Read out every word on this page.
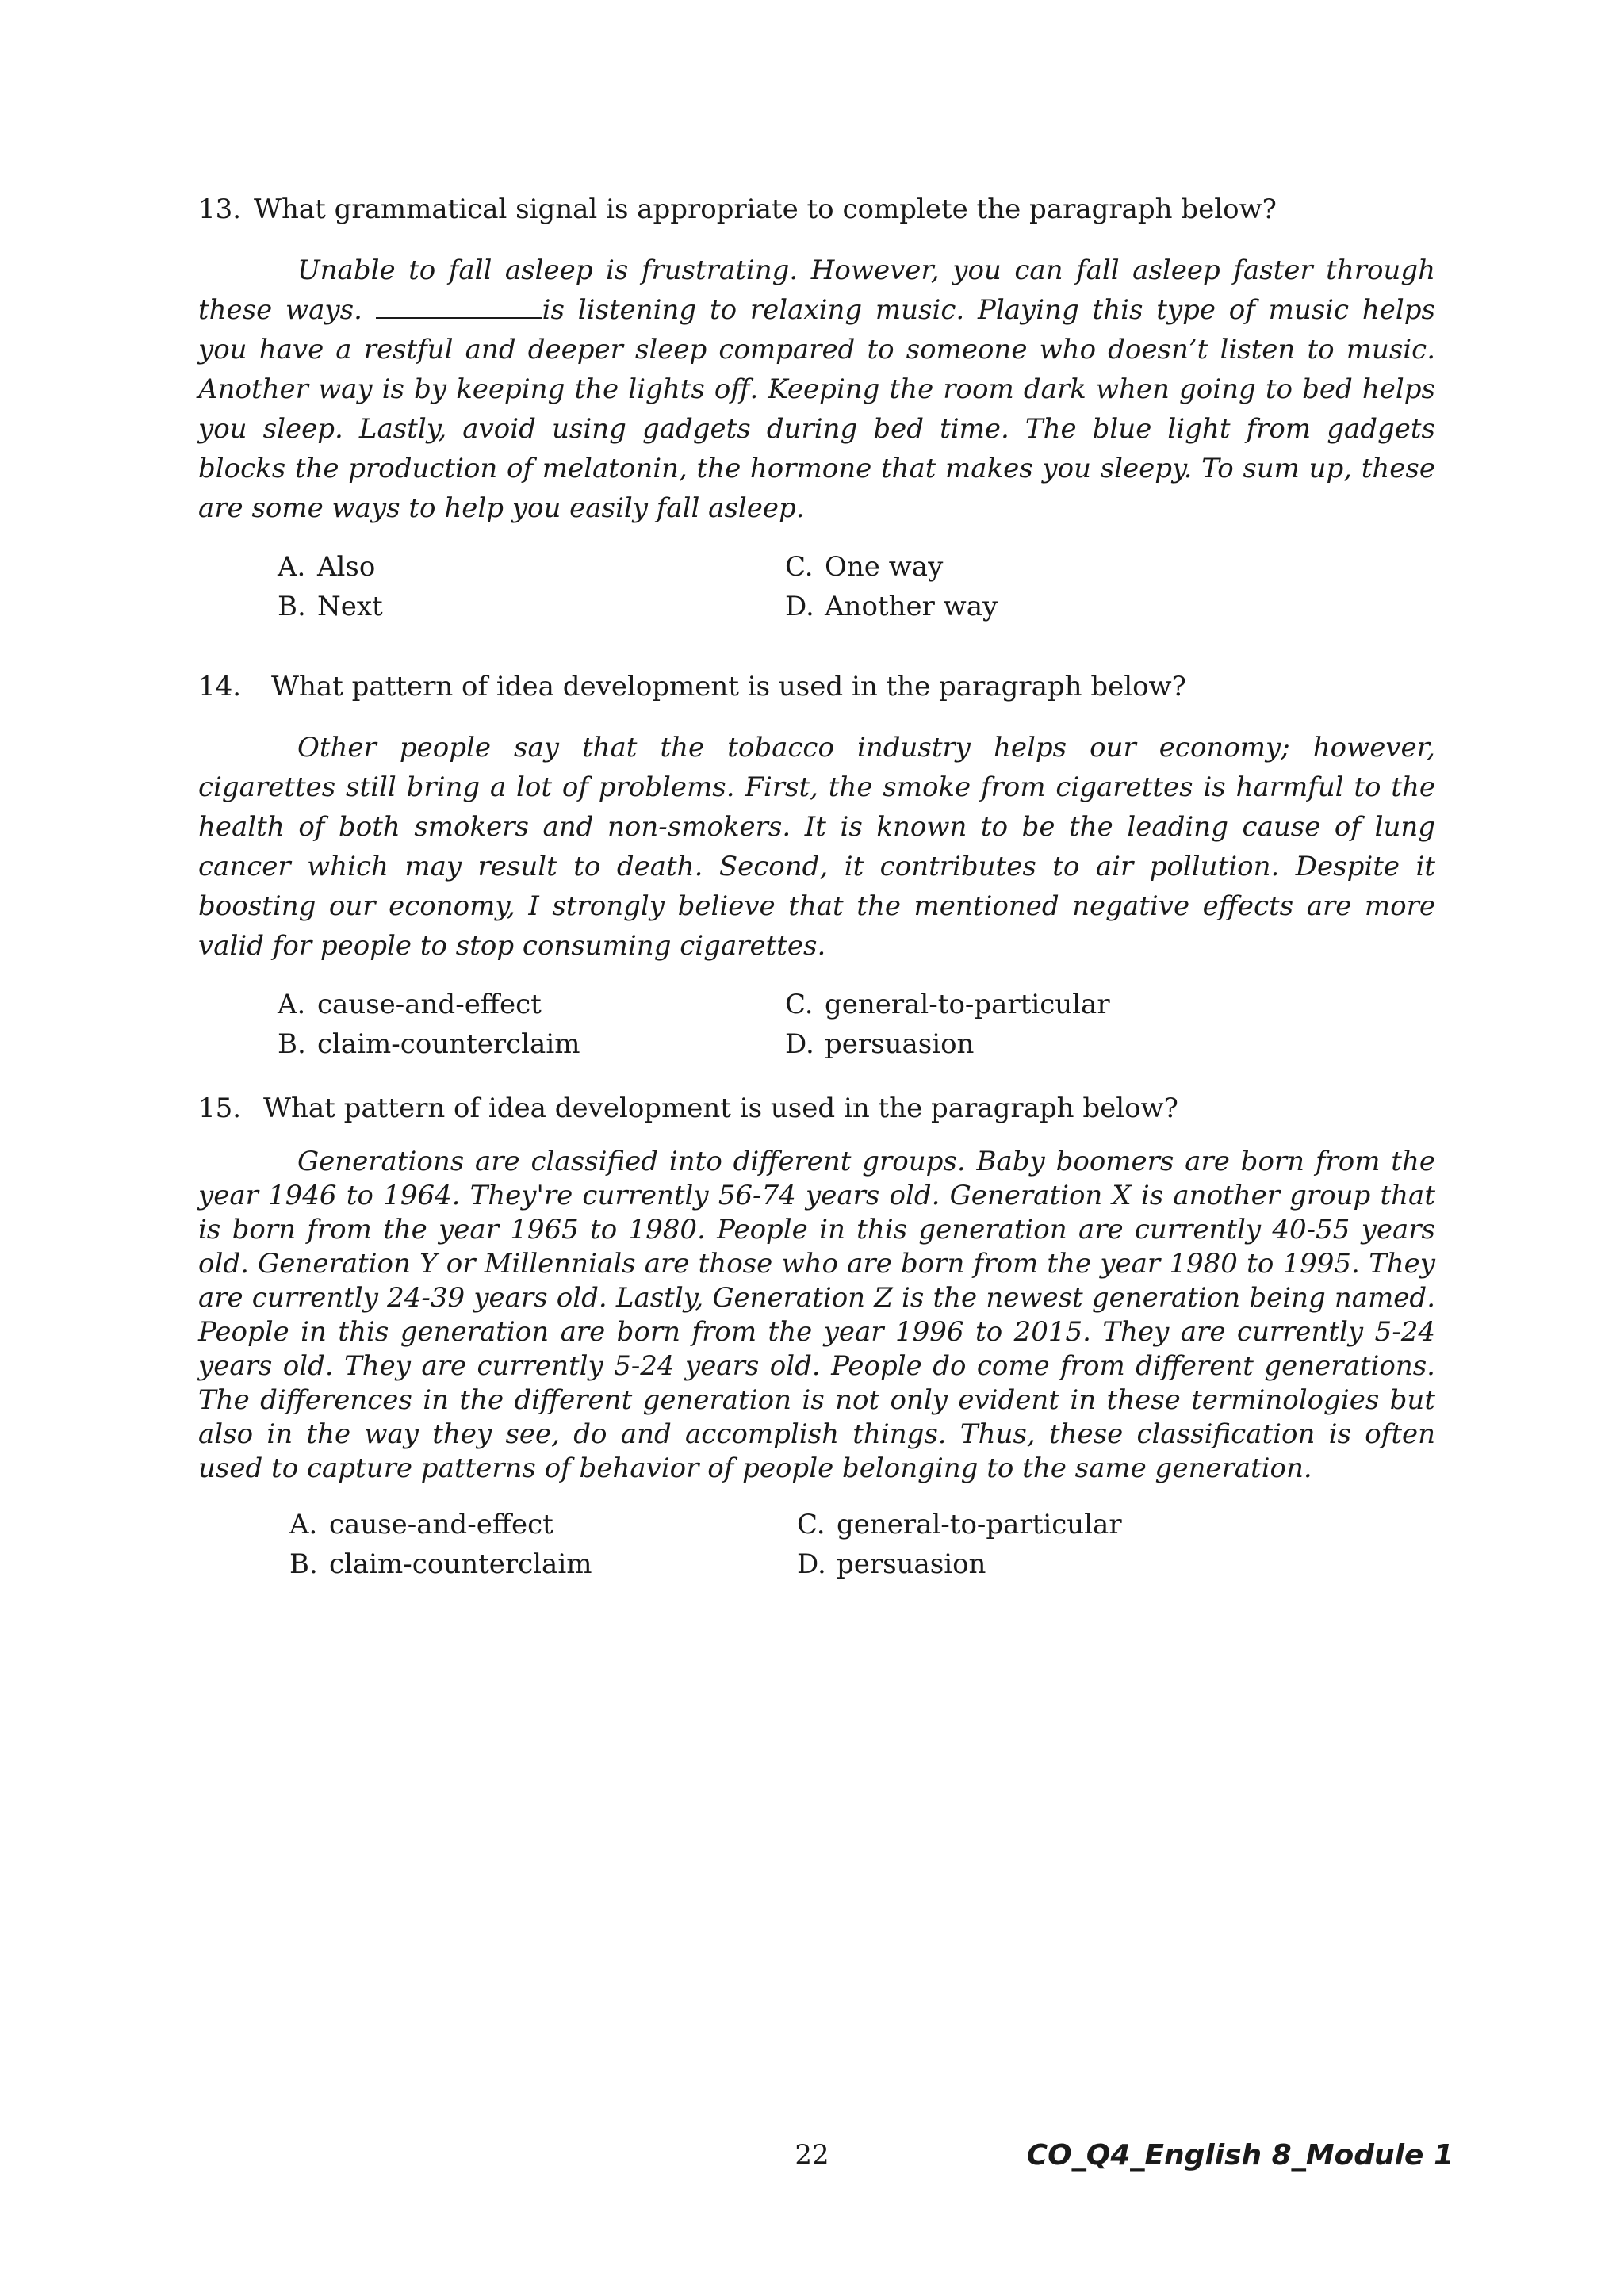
13. What grammatical signal is appropriate to complete the paragraph below?
Unable to fall asleep is frustrating. However, you can fall asleep faster through these ways.	is listening to relaxing music. Playing this type of music helps you have a restful and deeper sleep compared to someone who doesn’t listen to music. Another way is by keeping the lights off. Keeping the room dark when going to bed helps you sleep. Lastly, avoid using gadgets during bed time. The blue light from gadgets blocks the production of melatonin, the hormone that makes you sleepy. To sum up, these are some ways to help you easily fall asleep.
A. Also	C. One way
B. Next	D. Another way
14.	What pattern of idea development is used in the paragraph below?
Other people say that the tobacco industry helps our economy; however, cigarettes still bring a lot of problems. First, the smoke from cigarettes is harmful to the health of both smokers and non-smokers. It is known to be the leading cause of lung cancer which may result to death. Second, it contributes to air pollution. Despite it boosting our economy, I strongly believe that the mentioned negative effects are more valid for people to stop consuming cigarettes.
A. cause-and-effect	C. general-to-particular
B. claim-counterclaim	D. persuasion
15. What pattern of idea development is used in the paragraph below?
Generations are classified into different groups. Baby boomers are born from the year 1946 to 1964. They're currently 56-74 years old. Generation X is another group that is born from the year 1965 to 1980. People in this generation are currently 40-55 years old. Generation Y or Millennials are those who are born from the year 1980 to 1995. They are currently 24-39 years old. Lastly, Generation Z is the newest generation being named. People in this generation are born from the year 1996 to 2015. They are currently 5-24 years old. They are currently 5-24 years old. People do come from different generations. The differences in the different generation is not only evident in these terminologies but also in the way they see, do and accomplish things. Thus, these classification is often used to capture patterns of behavior of people belonging to the same generation.
A. cause-and-effect	C. general-to-particular
B. claim-counterclaim	D. persuasion
22	CO_Q4_English 8_Module 1
